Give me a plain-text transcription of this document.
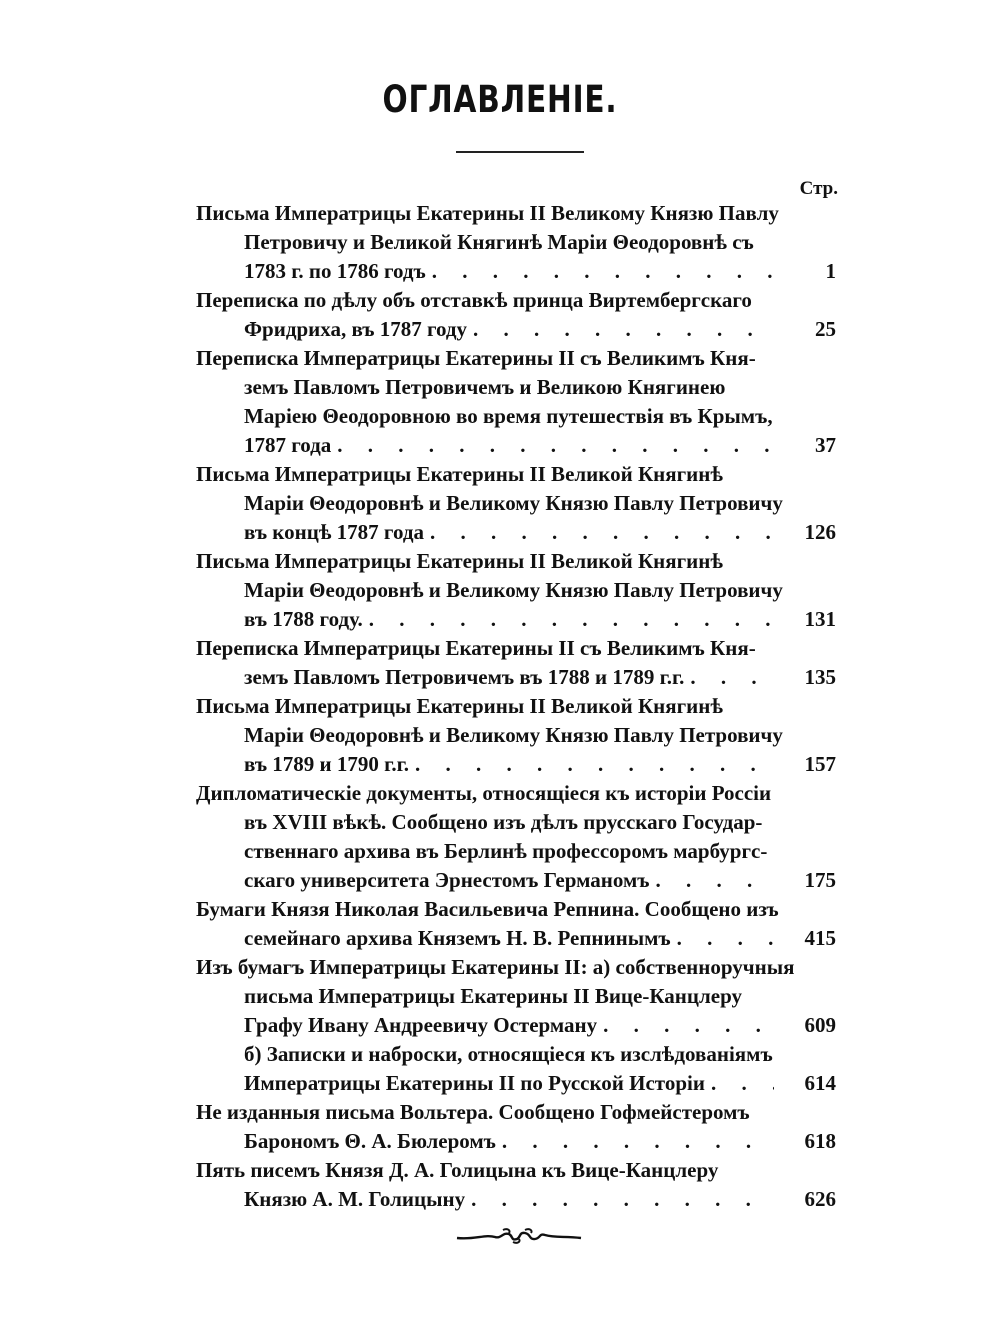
ОГЛАВЛЕНІЕ.
Стр.
Письма Императрицы Екатерины II Великому Князю Павлу
Петровичу и Великой Княгинѣ Маріи Θеодоровнѣ съ
1783 г. по 1786 годъ . . .	1
Переписка по дѣлу объ отставкѣ принца Виртембергскаго
Фридриха, въ 1787 году . . .	25
Переписка Императрицы Екатерины II съ Великимъ Кня-
земъ Павломъ Петровичемъ и Великою Княгинею
Маріею Θеодоровною во время путешествія въ Крымъ,
1787 года . . .	37
Письма Императрицы Екатерины II Великой Княгинѣ
Маріи Θеодоровнѣ и Великому Князю Павлу Петровичу
въ концѣ 1787 года . . .	126
Письма Императрицы Екатерины II Великой Княгинѣ
Маріи Θеодоровнѣ и Великому Князю Павлу Петровичу
въ 1788 году. . . .	131
Переписка Императрицы Екатерины II съ Великимъ Кня-
земъ Павломъ Петровичемъ въ 1788 и 1789 г.г. . . .	135
Письма Императрицы Екатерины II Великой Княгинѣ
Маріи Θеодоровнѣ и Великому Князю Павлу Петровичу
въ 1789 и 1790 г.г. . . .	157
Дипломатическіе документы, относящіеся къ исторіи Россіи
въ XVIII вѣкѣ. Сообщено изъ дѣлъ прусскаго Государ-
ственнаго архива въ Берлинѣ профессоромъ марбургс-
скаго университета Эрнестомъ Германомъ . . .	175
Бумаги Князя Николая Васильевича Репнина. Сообщено изъ
семейнаго архива Княземъ Н. В. Репнинымъ . . .	415
Изъ бумагъ Императрицы Екатерины II: а) собственноручныя
письма Императрицы Екатерины II Вице-Канцлеру
Графу Ивану Андреевичу Остерману . . .	609
б) Записки и наброски, относящіеся къ изслѣдованіямъ
Императрицы Екатерины II по Русской Исторіи . . .	614
Не изданныя письма Вольтера. Сообщено Гофмейстеромъ
Барономъ Θ. А. Бюлеромъ . . .	618
Пять писемъ Князя Д. А. Голицына къ Вице-Канцлеру
Князю А. М. Голицыну . . .	626
